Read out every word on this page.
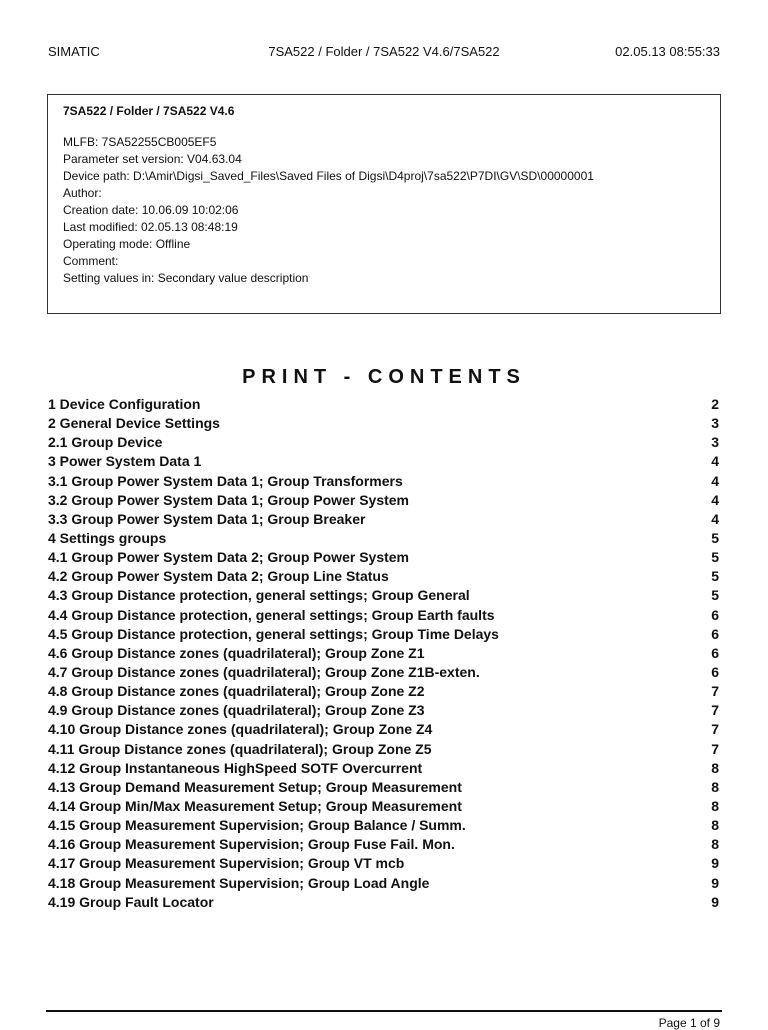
SIMATIC	7SA522 / Folder / 7SA522 V4.6/7SA522	02.05.13 08:55:33
7SA522 / Folder / 7SA522 V4.6
MLFB: 7SA52255CB005EF5
Parameter set version: V04.63.04
Device path: D:\Amir\Digsi_Saved_Files\Saved Files of Digsi\D4proj\7sa522\P7DI\GV\SD\00000001
Author:
Creation date: 10.06.09 10:02:06
Last modified: 02.05.13 08:48:19
Operating mode: Offline
Comment:
Setting values in: Secondary value description
PRINT - CONTENTS
1 Device Configuration	2
2 General Device Settings	3
2.1 Group Device	3
3 Power System Data 1	4
3.1 Group Power System Data 1; Group Transformers	4
3.2 Group Power System Data 1; Group Power System	4
3.3 Group Power System Data 1; Group Breaker	4
4 Settings groups	5
4.1 Group Power System Data 2; Group Power System	5
4.2 Group Power System Data 2; Group Line Status	5
4.3 Group Distance protection, general settings; Group General	5
4.4 Group Distance protection, general settings; Group Earth faults	6
4.5 Group Distance protection, general settings; Group Time Delays	6
4.6 Group Distance zones (quadrilateral); Group Zone Z1	6
4.7 Group Distance zones (quadrilateral); Group Zone Z1B-exten.	6
4.8 Group Distance zones (quadrilateral); Group Zone Z2	7
4.9 Group Distance zones (quadrilateral); Group Zone Z3	7
4.10 Group Distance zones (quadrilateral); Group Zone Z4	7
4.11 Group Distance zones (quadrilateral); Group Zone Z5	7
4.12 Group Instantaneous HighSpeed SOTF Overcurrent	8
4.13 Group Demand Measurement Setup; Group Measurement	8
4.14 Group Min/Max Measurement Setup; Group Measurement	8
4.15 Group Measurement Supervision; Group Balance / Summ.	8
4.16 Group Measurement Supervision; Group Fuse Fail. Mon.	8
4.17 Group Measurement Supervision; Group VT mcb	9
4.18 Group Measurement Supervision; Group Load Angle	9
4.19 Group Fault Locator	9
Page 1 of 9
